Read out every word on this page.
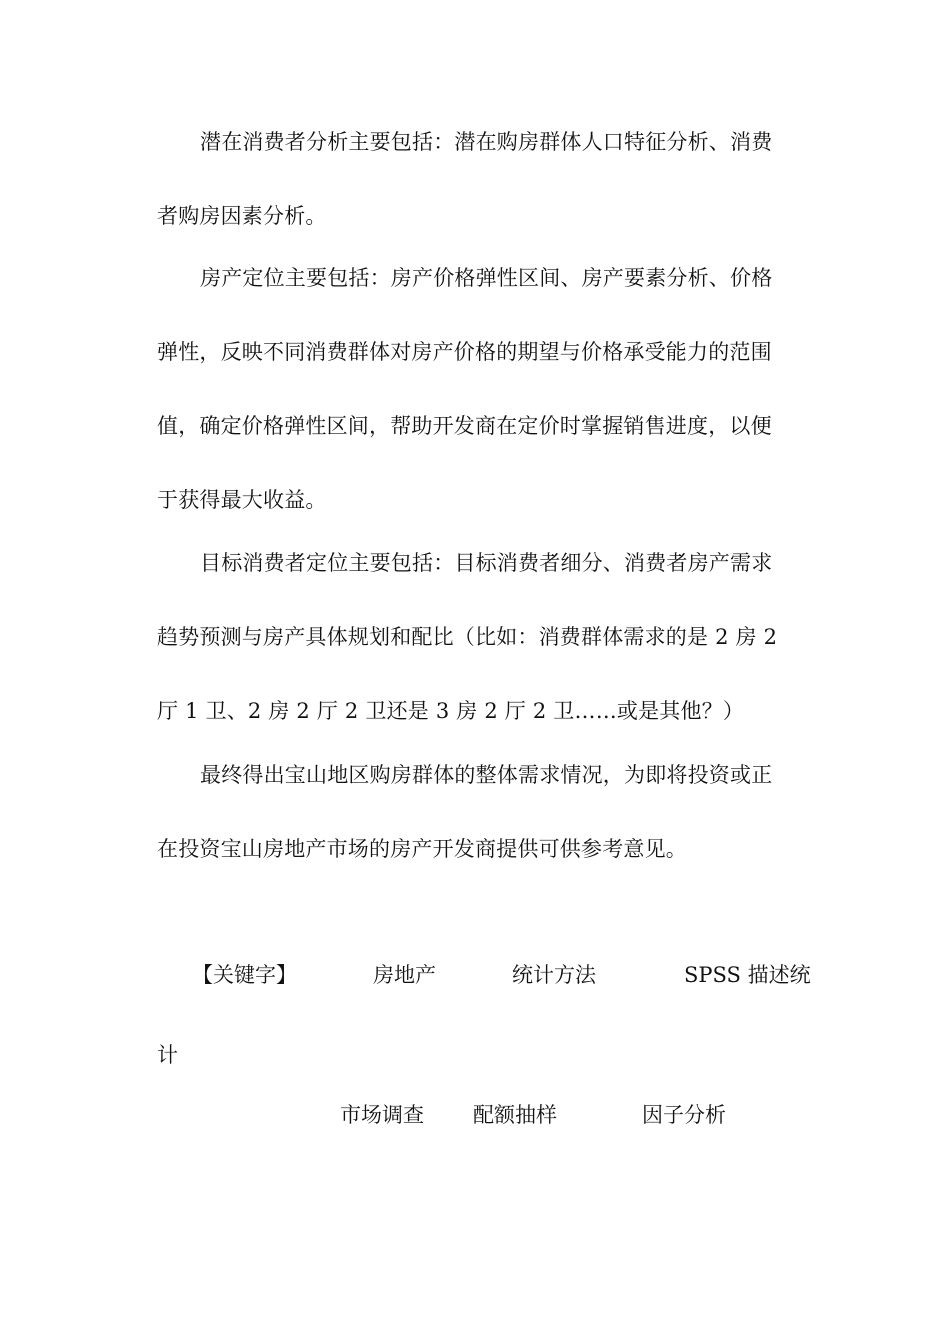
潜在消费者分析主要包括：潜在购房群体人口特征分析、消费
者购房因素分析。
房产定位主要包括：房产价格弹性区间、房产要素分析、价格
弹性，反映不同消费群体对房产价格的期望与价格承受能力的范围
值，确定价格弹性区间，帮助开发商在定价时掌握销售进度，以便
于获得最大收益。
目标消费者定位主要包括：目标消费者细分、消费者房产需求
趋势预测与房产具体规划和配比（比如：消费群体需求的是 2 房 2
厅 1 卫、2 房 2 厅 2 卫还是 3 房 2 厅 2 卫……或是其他？）
最终得出宝山地区购房群体的整体需求情况，为即将投资或正
在投资宝山房地产市场的房产开发商提供可供参考意见。
【关键字】	房地产	统计方法	SPSS 描述统
计
市场调查 配额抽样	因子分析
